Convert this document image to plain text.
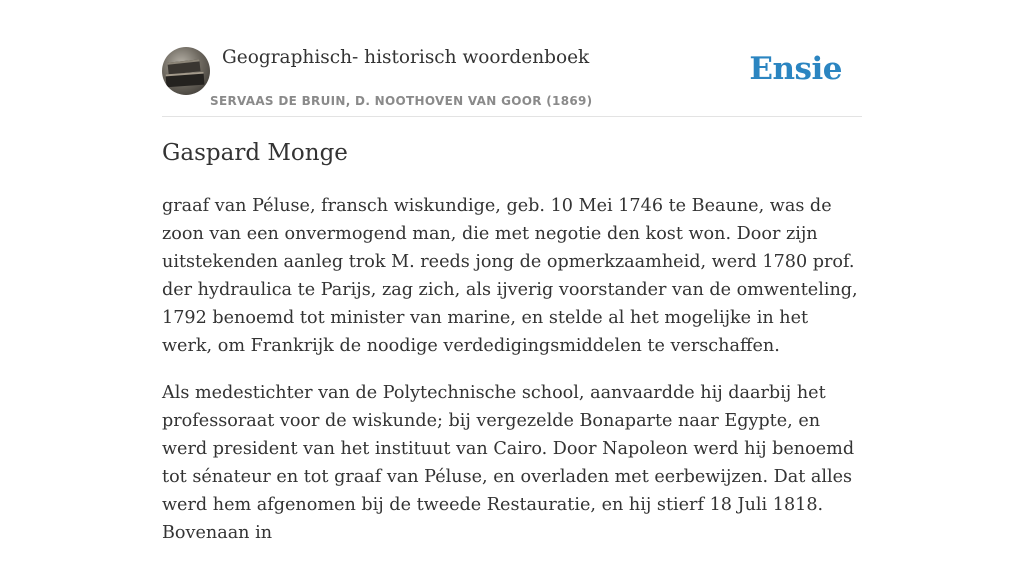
Geographisch- historisch woordenboek
SERVAAS DE BRUIN, D. NOOTHOVEN VAN GOOR (1869)
Ensie
Gaspard Monge

graaf van Péluse, fransch wiskundige, geb. 10 Mei 1746 te Beaune, was de zoon van een onvermogend man, die met negotie den kost won. Door zijn uitstekenden aanleg trok M. reeds jong de opmerkzaamheid, werd 1780 prof. der hydraulica te Parijs, zag zich, als ijverig voorstander van de omwenteling, 1792 benoemd tot minister van marine, en stelde al het mogelijke in het werk, om Frankrijk de noodige verdedigingsmiddelen te verschaffen.

Als medestichter van de Polytechnische school, aanvaardde hij daarbij het professoraat voor de wiskunde; bij vergezelde Bonaparte naar Egypte, en werd president van het instituut van Cairo. Door Napoleon werd hij benoemd tot sénateur en tot graaf van Péluse, en overladen met eerbewijzen. Dat alles werd hem afgenomen bij de tweede Restauratie, en hij stierf 18 Juli 1818. Bovenaan in
